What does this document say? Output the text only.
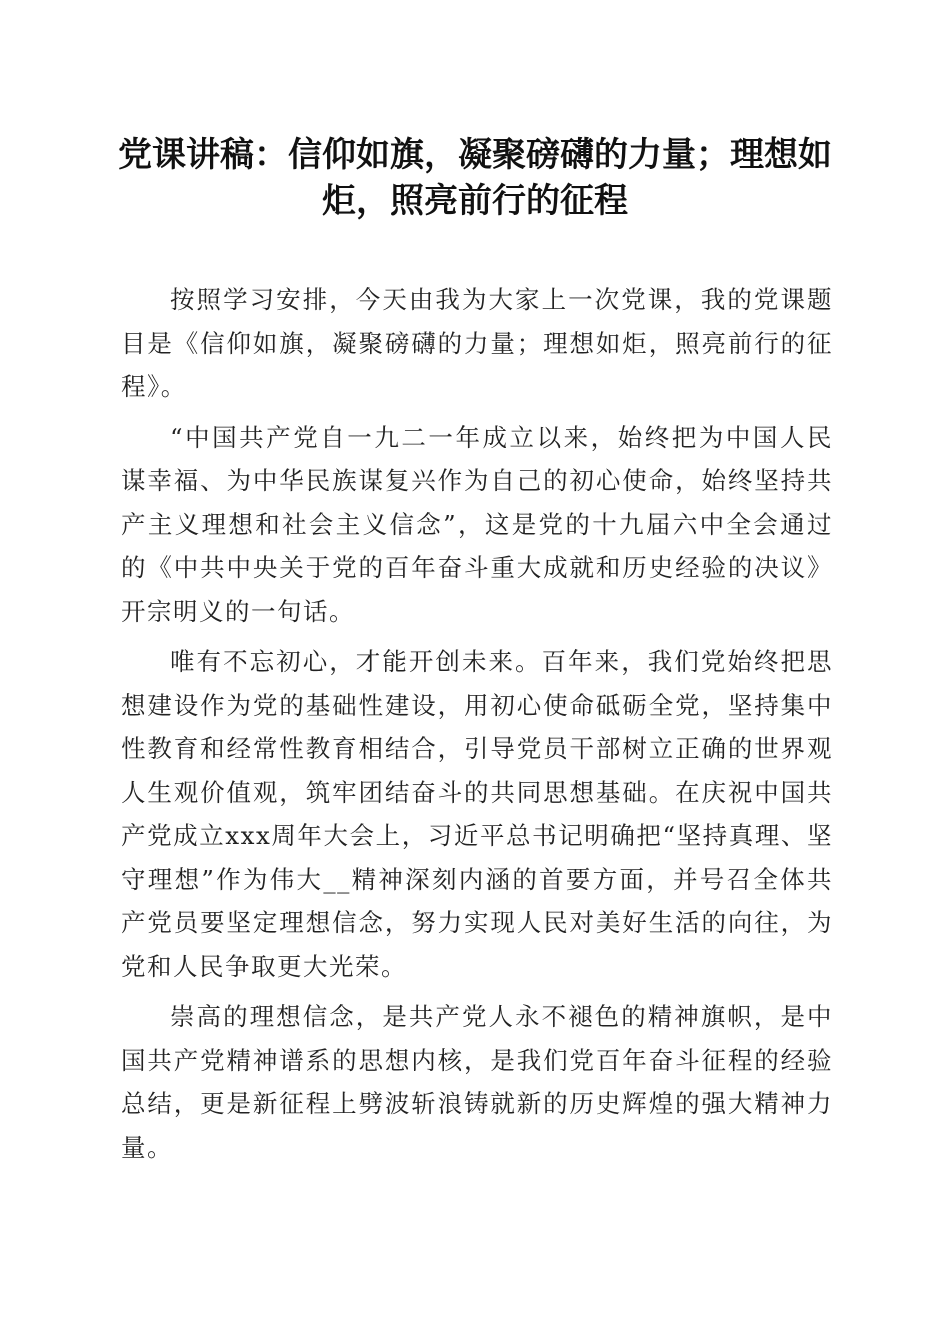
党课讲稿：信仰如旗，凝聚磅礴的力量；理想如炬，照亮前行的征程

按照学习安排，今天由我为大家上一次党课，我的党课题目是《信仰如旗，凝聚磅礴的力量；理想如炬，照亮前行的征程》。

“中国共产党自一九二一年成立以来，始终把为中国人民谋幸福、为中华民族谋复兴作为自己的初心使命，始终坚持共产主义理想和社会主义信念”，这是党的十九届六中全会通过的《中共中央关于党的百年奋斗重大成就和历史经验的决议》开宗明义的一句话。

唯有不忘初心，才能开创未来。百年来，我们党始终把思想建设作为党的基础性建设，用初心使命砥砺全党，坚持集中性教育和经常性教育相结合，引导党员干部树立正确的世界观人生观价值观，筑牢团结奋斗的共同思想基础。在庆祝中国共产党成立xxx周年大会上，习近平总书记明确把“坚持真理、坚守理想”作为伟大__精神深刻内涵的首要方面，并号召全体共产党员要坚定理想信念，努力实现人民对美好生活的向往，为党和人民争取更大光荣。

崇高的理想信念，是共产党人永不褪色的精神旗帜，是中国共产党精神谱系的思想内核，是我们党百年奋斗征程的经验总结，更是新征程上劈波斩浪铸就新的历史辉煌的强大精神力量。
